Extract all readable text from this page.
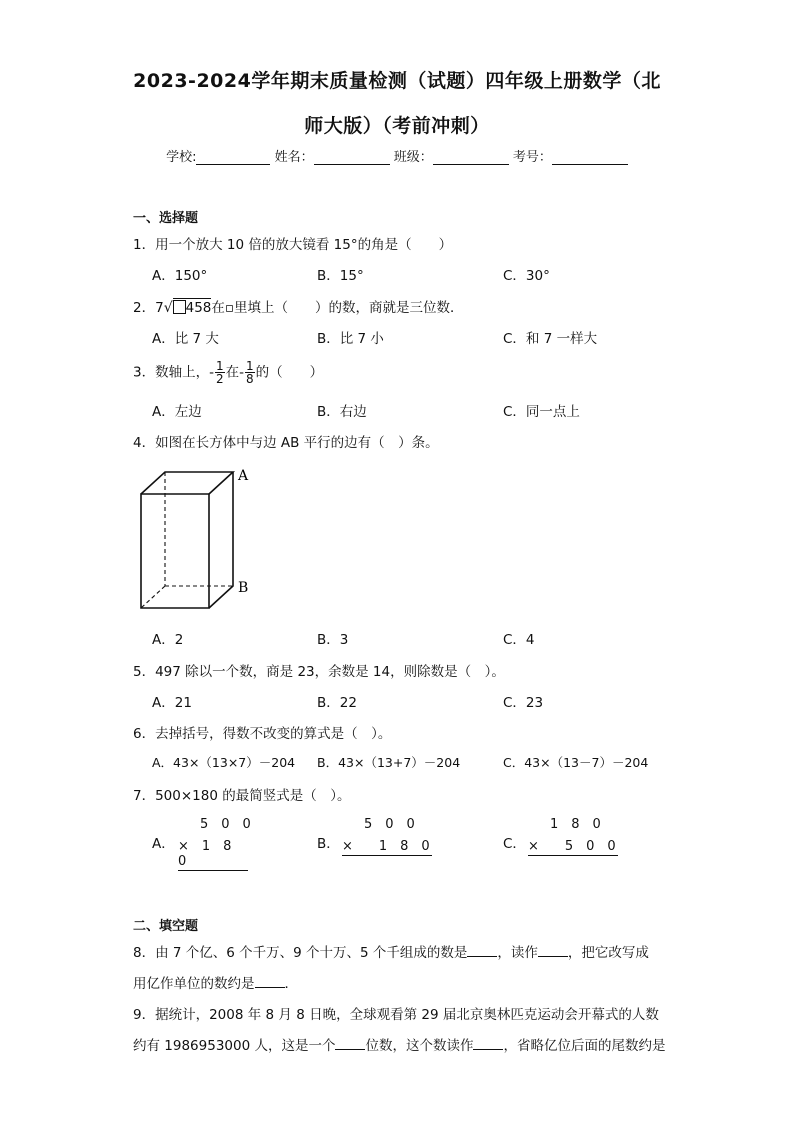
2023-2024学年期末质量检测（试题）四年级上册数学（北
师大版）（考前冲刺）
学校:	姓名：	班级：	考号：
一、选择题
1．用一个放大 10 倍的放大镜看 15°的角是（　　）
A．150°	B．15°	C．30°
2．7√ 458在▫里填上（　　）的数，商就是三位数．
A．比 7 大	B．比 7 小	C．和 7 一样大
3．数轴上，- $\frac{1}{2}$ 在- $\frac{1}{8}$ 的（　　）
A．左边	B．右边	C．同一点上
4．如图在长方体中与边 AB 平行的边有（　）条。
A
B
A．2	B．3	C．4
5．497 除以一个数，商是 23，余数是 14，则除数是（　）。
A．21	B．22	C．23
6．去掉括号，得数不改变的算式是（　）。
A．43×（13×7）－204 B．43×（13+7）－204	C．43×（13－7）－204
7．500×180 的最简竖式是（　）。
A．
5　0　0
×　1　8　0
B．
5　0　0
×　　1　8　0	C．
1　8　0
×　　5　0　0
二、填空题
8．由 7 个亿、6 个千万、9 个十万、5 个千组成的数是 ，读作 ，把它改写成
用亿作单位的数约是 ．
9．据统计，2008 年 8 月 8 日晚，全球观看第 29 届北京奥林匹克运动会开幕式的人数
约有 1986953000 人，这是一个 位数，这个数读作 ，省略亿位后面的尾数约是
